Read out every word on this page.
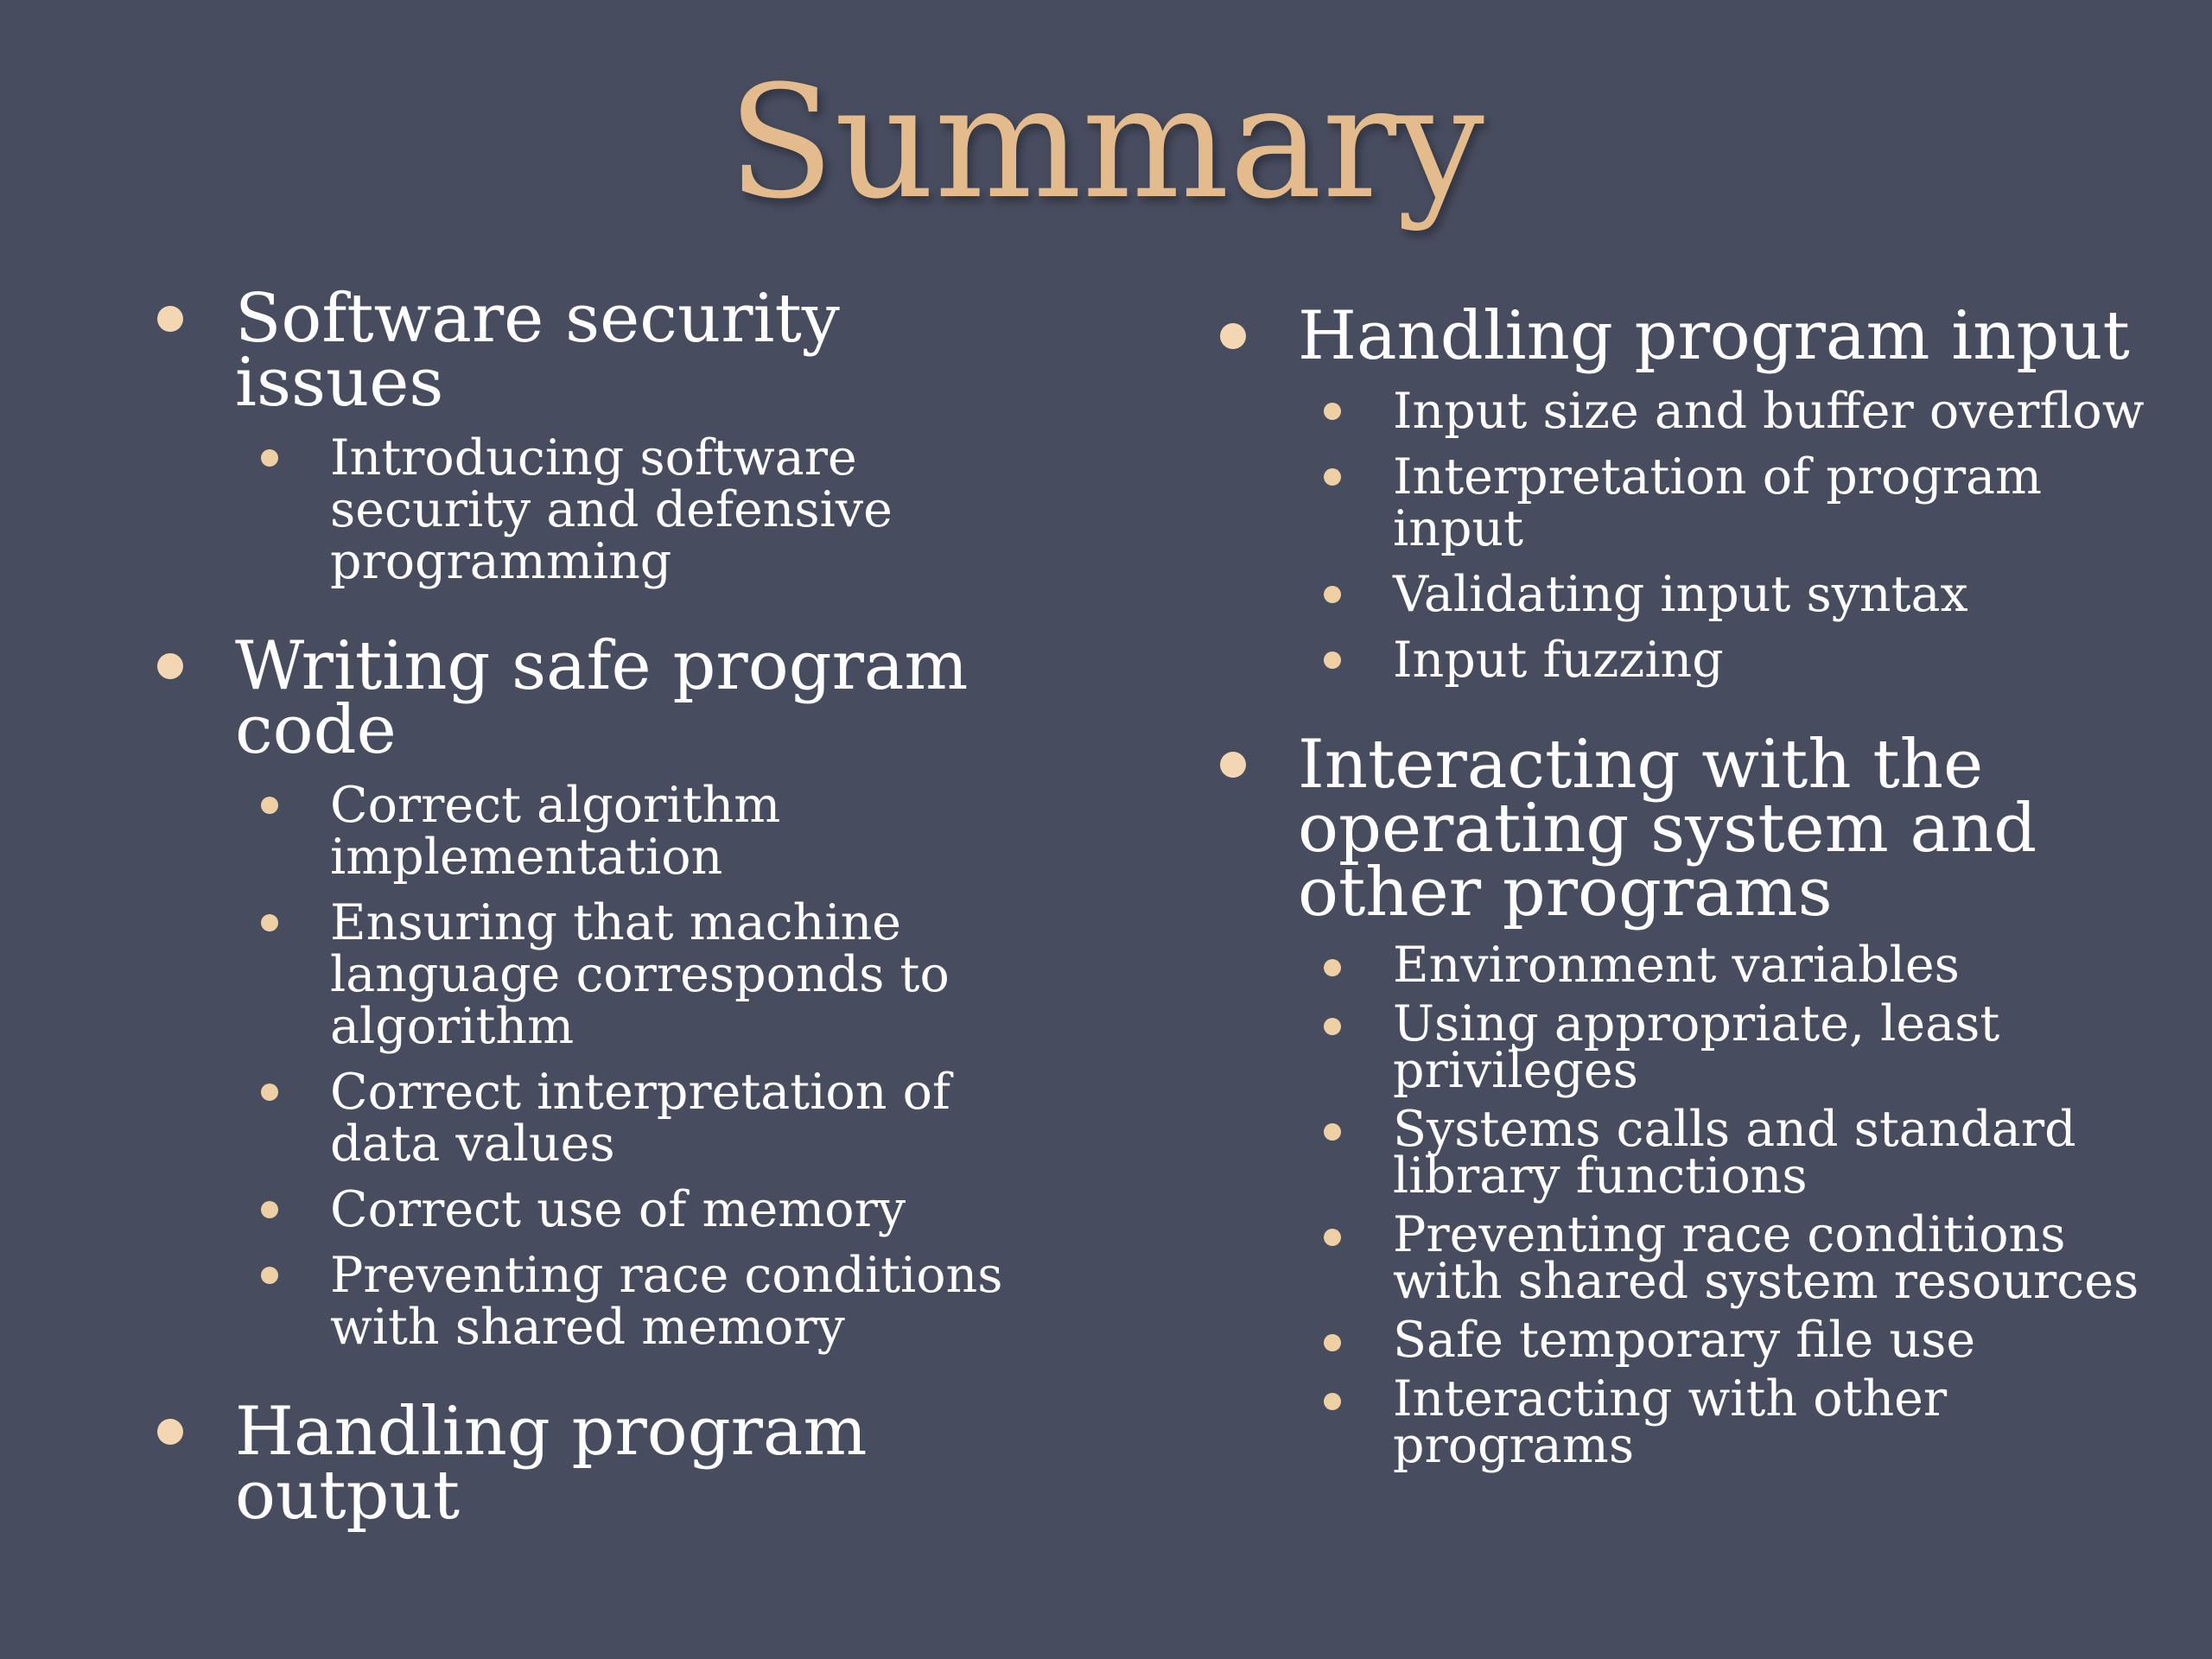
Summary
Software security issues
Introducing software security and defensive programming
Writing safe program code
Correct algorithm implementation
Ensuring that machine language corresponds to algorithm
Correct interpretation of data values
Correct use of memory
Preventing race conditions with shared memory
Handling program output
Handling program input
Input size and buffer overflow
Interpretation of program input
Validating input syntax
Input fuzzing
Interacting with the operating system and other programs
Environment variables
Using appropriate, least privileges
Systems calls and standard library functions
Preventing race conditions with shared system resources
Safe temporary file use
Interacting with other programs
